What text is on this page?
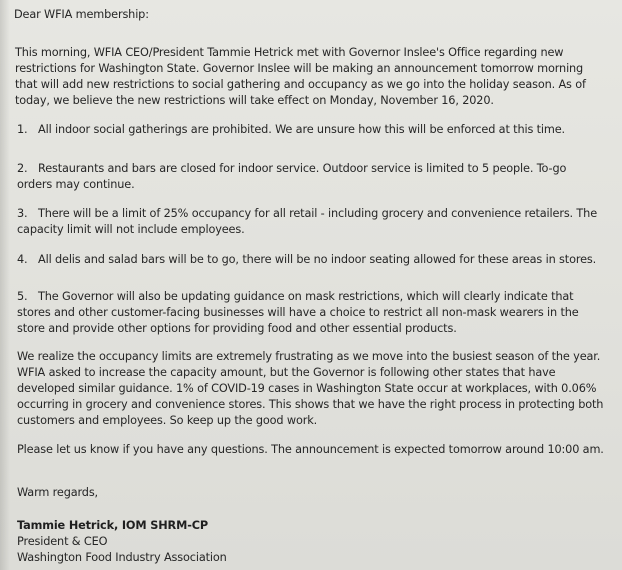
Dear WFIA membership:
This morning, WFIA CEO/President Tammie Hetrick met with Governor Inslee's Office regarding new
restrictions for Washington State. Governor Inslee will be making an announcement tomorrow morning
that will add new restrictions to social gathering and occupancy as we go into the holiday season. As of
today, we believe the new restrictions will take effect on Monday, November 16, 2020.
1. All indoor social gatherings are prohibited. We are unsure how this will be enforced at this time.
2. Restaurants and bars are closed for indoor service. Outdoor service is limited to 5 people. To-go
orders may continue.
3. There will be a limit of 25% occupancy for all retail - including grocery and convenience retailers. The
capacity limit will not include employees.
4. All delis and salad bars will be to go, there will be no indoor seating allowed for these areas in stores.
5. The Governor will also be updating guidance on mask restrictions, which will clearly indicate that
stores and other customer-facing businesses will have a choice to restrict all non-mask wearers in the
store and provide other options for providing food and other essential products.
We realize the occupancy limits are extremely frustrating as we move into the busiest season of the year.
WFIA asked to increase the capacity amount, but the Governor is following other states that have
developed similar guidance. 1% of COVID-19 cases in Washington State occur at workplaces, with 0.06%
occurring in grocery and convenience stores. This shows that we have the right process in protecting both
customers and employees. So keep up the good work.
Please let us know if you have any questions. The announcement is expected tomorrow around 10:00 am.
Warm regards,
Tammie Hetrick, IOM SHRM-CP
President & CEO
Washington Food Industry Association
